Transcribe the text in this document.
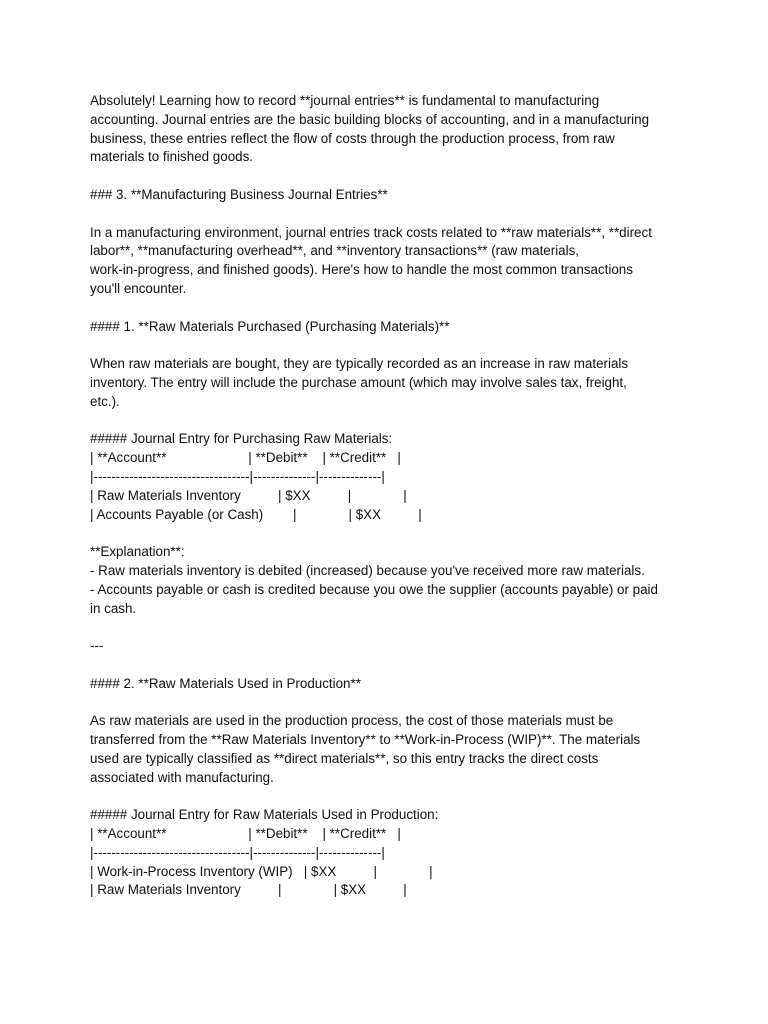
Absolutely! Learning how to record **journal entries** is fundamental to manufacturing
accounting. Journal entries are the basic building blocks of accounting, and in a manufacturing
business, these entries reflect the flow of costs through the production process, from raw
materials to finished goods.
### 3. **Manufacturing Business Journal Entries**
In a manufacturing environment, journal entries track costs related to **raw materials**, **direct
labor**, **manufacturing overhead**, and **inventory transactions** (raw materials,
work-in-progress, and finished goods). Here's how to handle the most common transactions
you'll encounter.
#### 1. **Raw Materials Purchased (Purchasing Materials)**
When raw materials are bought, they are typically recorded as an increase in raw materials
inventory. The entry will include the purchase amount (which may involve sales tax, freight,
etc.).
##### Journal Entry for Purchasing Raw Materials:
| **Account**                      | **Debit**    | **Credit**   |
|-----------------------------------|--------------|--------------|
| Raw Materials Inventory          | $XX          |              |
| Accounts Payable (or Cash)        |              | $XX          |
**Explanation**:
- Raw materials inventory is debited (increased) because you've received more raw materials.
- Accounts payable or cash is credited because you owe the supplier (accounts payable) or paid
in cash.
---
#### 2. **Raw Materials Used in Production**
As raw materials are used in the production process, the cost of those materials must be
transferred from the **Raw Materials Inventory** to **Work-in-Process (WIP)**. The materials
used are typically classified as **direct materials**, so this entry tracks the direct costs
associated with manufacturing.
##### Journal Entry for Raw Materials Used in Production:
| **Account**                      | **Debit**    | **Credit**   |
|-----------------------------------|--------------|--------------|
| Work-in-Process Inventory (WIP)   | $XX          |              |
| Raw Materials Inventory          |              | $XX          |
